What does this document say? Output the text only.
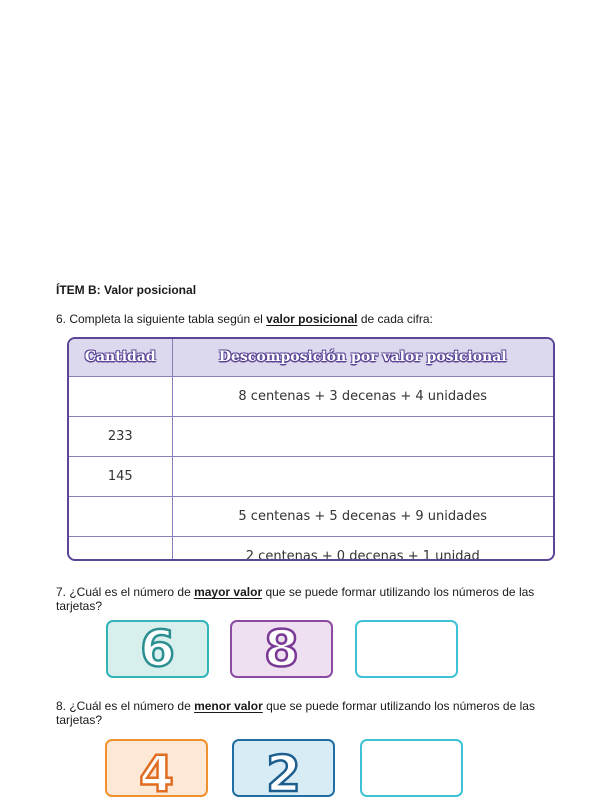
ÍTEM B: Valor posicional
6. Completa la siguiente tabla según el valor posicional de cada cifra:
Cantidad	Descomposición por valor posicional
	8 centenas + 3 decenas + 4 unidades
233	
145	
	5 centenas + 5 decenas + 9 unidades
	2 centenas + 0 decenas + 1 unidad
7. ¿Cuál es el número de mayor valor que se puede formar utilizando los números de las tarjetas?
6 8
8. ¿Cuál es el número de menor valor que se puede formar utilizando los números de las tarjetas?
4 2
